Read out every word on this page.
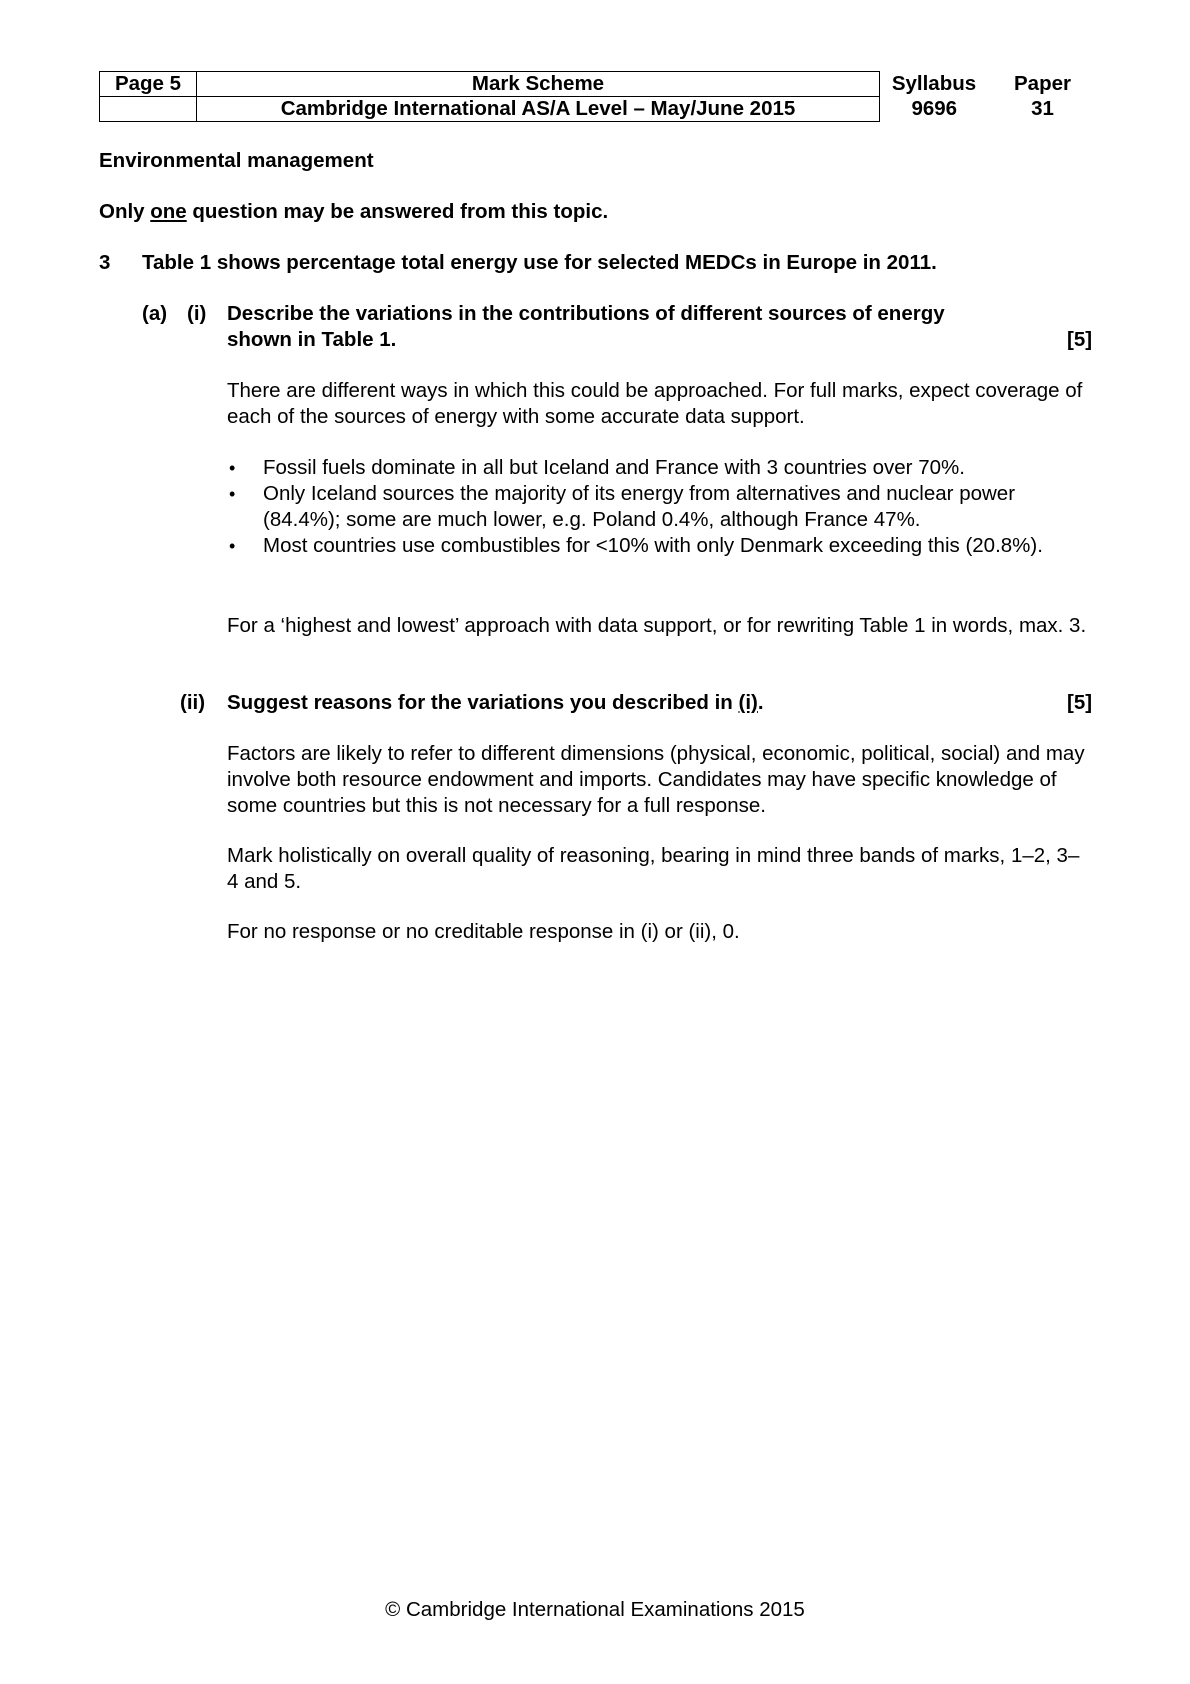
Page 5	Mark Scheme	Syllabus	Paper
	Cambridge International AS/A Level – May/June 2015	9696	31
Environmental management
Only one question may be answered from this topic.
3 Table 1 shows percentage total energy use for selected MEDCs in Europe in 2011.
(a) (i) Describe the variations in the contributions of different sources of energy
shown in Table 1.	[5]
There are different ways in which this could be approached. For full marks, expect coverage of each of the sources of energy with some accurate data support.
• Fossil fuels dominate in all but Iceland and France with 3 countries over 70%.
• Only Iceland sources the majority of its energy from alternatives and nuclear power (84.4%); some are much lower, e.g. Poland 0.4%, although France 47%.
• Most countries use combustibles for <10% with only Denmark exceeding this (20.8%).
For a ‘highest and lowest’ approach with data support, or for rewriting Table 1 in words, max. 3.
(ii) Suggest reasons for the variations you described in (i).	[5]
Factors are likely to refer to different dimensions (physical, economic, political, social) and may involve both resource endowment and imports. Candidates may have specific knowledge of some countries but this is not necessary for a full response.
Mark holistically on overall quality of reasoning, bearing in mind three bands of marks, 1–2, 3–4 and 5.
For no response or no creditable response in (i) or (ii), 0.
© Cambridge International Examinations 2015
